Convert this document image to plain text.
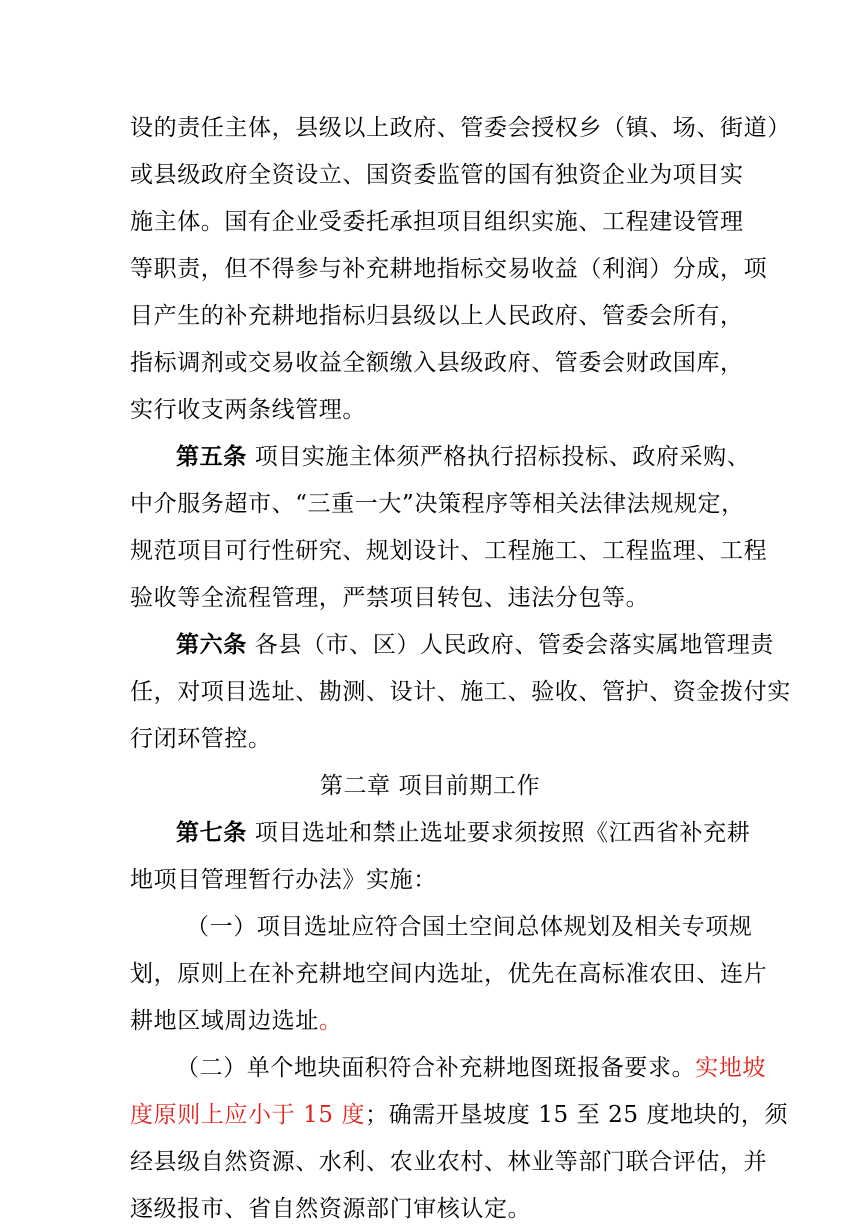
设的责任主体，县级以上政府、管委会授权乡（镇、场、街道）
或县级政府全资设立、国资委监管的国有独资企业为项目实
施主体。国有企业受委托承担项目组织实施、工程建设管理
等职责，但不得参与补充耕地指标交易收益（利润）分成，项
目产生的补充耕地指标归县级以上人民政府、管委会所有，
指标调剂或交易收益全额缴入县级政府、管委会财政国库，
实行收支两条线管理。
第五条 项目实施主体须严格执行招标投标、政府采购、
中介服务超市、“三重一大”决策程序等相关法律法规规定，
规范项目可行性研究、规划设计、工程施工、工程监理、工程
验收等全流程管理，严禁项目转包、违法分包等。
第六条 各县（市、区）人民政府、管委会落实属地管理责
任，对项目选址、勘测、设计、施工、验收、管护、资金拨付实
行闭环管控。
第二章 项目前期工作
第七条 项目选址和禁止选址要求须按照《江西省补充耕
地项目管理暂行办法》实施：
（一）项目选址应符合国土空间总体规划及相关专项规
划，原则上在补充耕地空间内选址，优先在高标准农田、连片
耕地区域周边选址。
（二）单个地块面积符合补充耕地图斑报备要求。实地坡
度原则上应小于 15 度；确需开垦坡度 15 至 25 度地块的，须
经县级自然资源、水利、农业农村、林业等部门联合评估，并
逐级报市、省自然资源部门审核认定。
